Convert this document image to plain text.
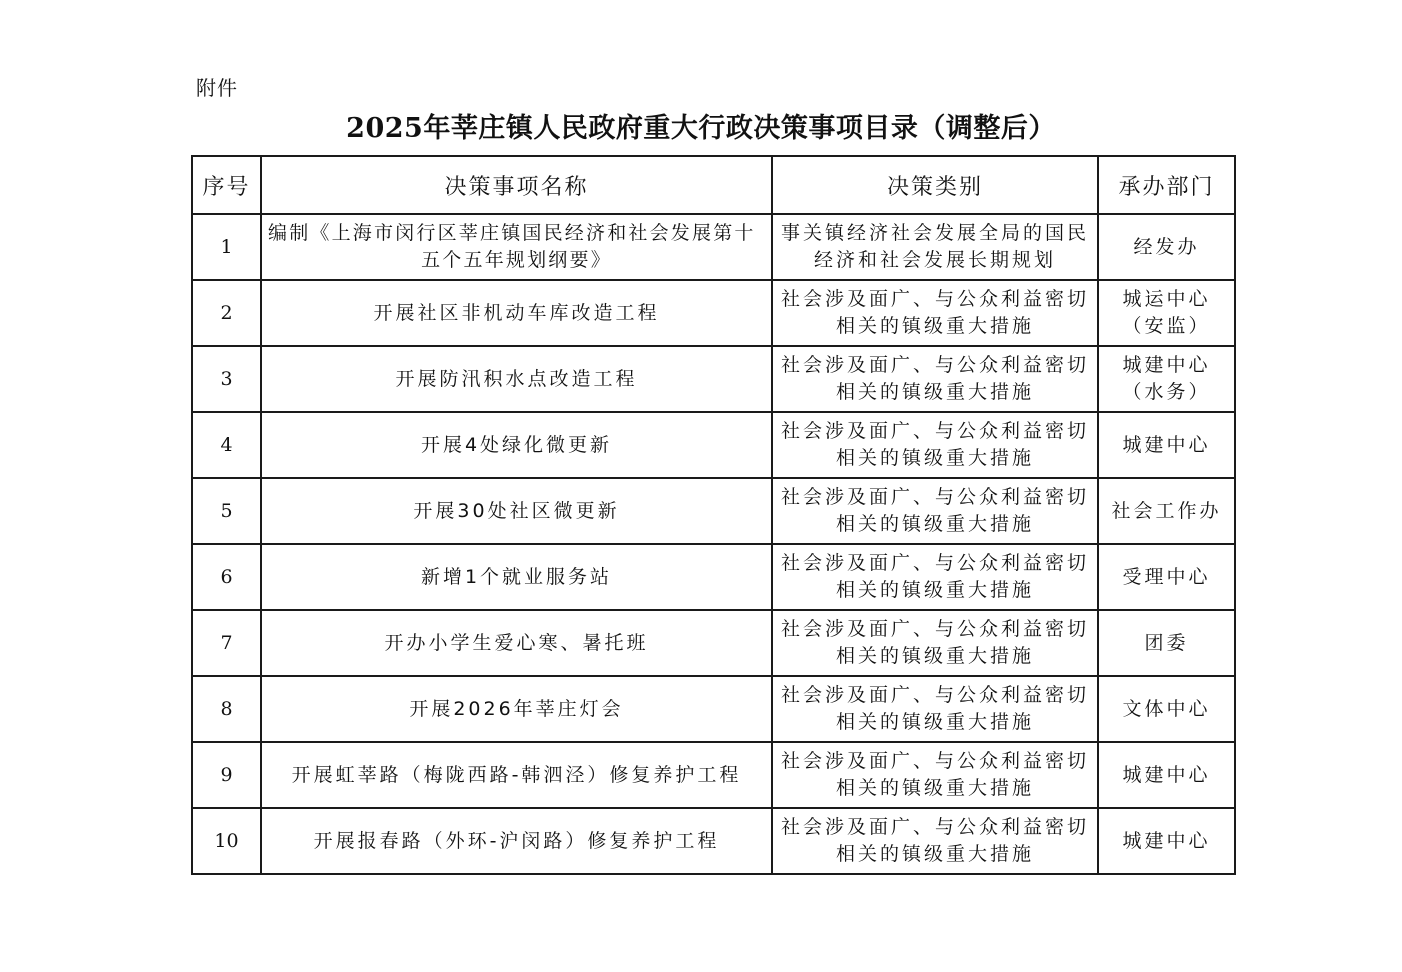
附件
2025年莘庄镇人民政府重大行政决策事项目录（调整后）
序号	决策事项名称	决策类别	承办部门
1	编制《上海市闵行区莘庄镇国民经济和社会发展第十五个五年规划纲要》	事关镇经济社会发展全局的国民经济和社会发展长期规划	经发办
2	开展社区非机动车库改造工程	社会涉及面广、与公众利益密切相关的镇级重大措施	城运中心（安监）
3	开展防汛积水点改造工程	社会涉及面广、与公众利益密切相关的镇级重大措施	城建中心（水务）
4	开展4处绿化微更新	社会涉及面广、与公众利益密切相关的镇级重大措施	城建中心
5	开展30处社区微更新	社会涉及面广、与公众利益密切相关的镇级重大措施	社会工作办
6	新增1个就业服务站	社会涉及面广、与公众利益密切相关的镇级重大措施	受理中心
7	开办小学生爱心寒、暑托班	社会涉及面广、与公众利益密切相关的镇级重大措施	团委
8	开展2026年莘庄灯会	社会涉及面广、与公众利益密切相关的镇级重大措施	文体中心
9	开展虹莘路（梅陇西路-韩泗泾）修复养护工程	社会涉及面广、与公众利益密切相关的镇级重大措施	城建中心
10	开展报春路（外环-沪闵路）修复养护工程	社会涉及面广、与公众利益密切相关的镇级重大措施	城建中心
